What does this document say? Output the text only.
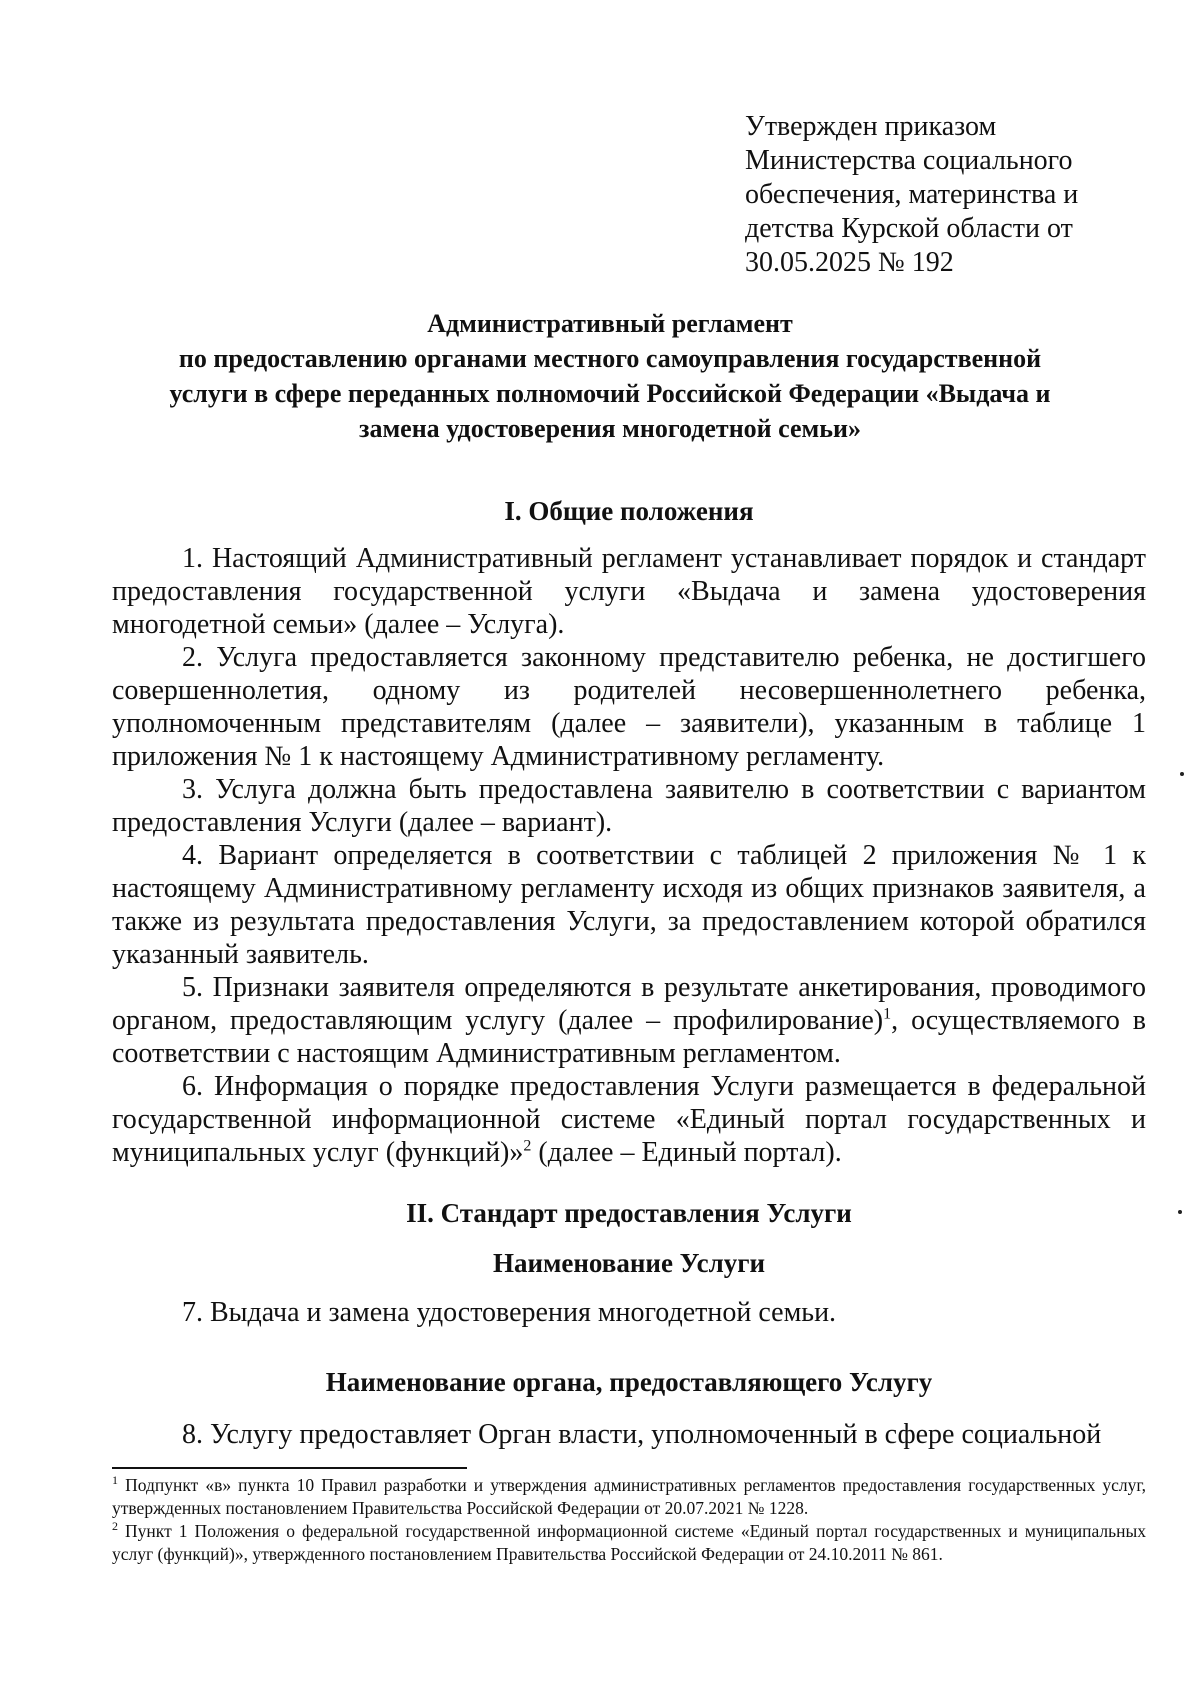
Утвержден приказом
Министерства социального
обеспечения, материнства и
детства Курской области от
30.05.2025 № 192
Административный регламент
по предоставлению органами местного самоуправления государственной
услуги в сфере переданных полномочий Российской Федерации «Выдача и
замена удостоверения многодетной семьи»
I. Общие положения

1. Настоящий Административный регламент устанавливает порядок и стандарт предоставления государственной услуги «Выдача и замена удостоверения многодетной семьи» (далее – Услуга).

2. Услуга предоставляется законному представителю ребенка, не достигшего совершеннолетия, одному из родителей несовершеннолетнего ребенка, уполномоченным представителям (далее – заявители), указанным в таблице 1 приложения № 1 к настоящему Административному регламенту.

3. Услуга должна быть предоставлена заявителю в соответствии с вариантом предоставления Услуги (далее – вариант).

4. Вариант определяется в соответствии с таблицей 2 приложения № 1 к настоящему Административному регламенту исходя из общих признаков заявителя, а также из результата предоставления Услуги, за предоставлением которой обратился указанный заявитель.

5. Признаки заявителя определяются в результате анкетирования, проводимого органом, предоставляющим услугу (далее – профилирование)$^1$, осуществляемого в соответствии с настоящим Административным регламентом.

6. Информация о порядке предоставления Услуги размещается в федеральной государственной информационной системе «Единый портал государственных и муниципальных услуг (функций)»$^2$ (далее – Единый портал).

II. Стандарт предоставления Услуги
Наименование Услуги

7. Выдача и замена удостоверения многодетной семьи.

Наименование органа, предоставляющего Услугу

8. Услугу предоставляет Орган власти, уполномоченный в сфере социальной

$^1$ Подпункт «в» пункта 10 Правил разработки и утверждения административных регламентов предоставления государственных услуг, утвержденных постановлением Правительства Российской Федерации от 20.07.2021 № 1228.

$^2$ Пункт 1 Положения о федеральной государственной информационной системе «Единый портал государственных и муниципальных услуг (функций)», утвержденного постановлением Правительства Российской Федерации от 24.10.2011 № 861.
